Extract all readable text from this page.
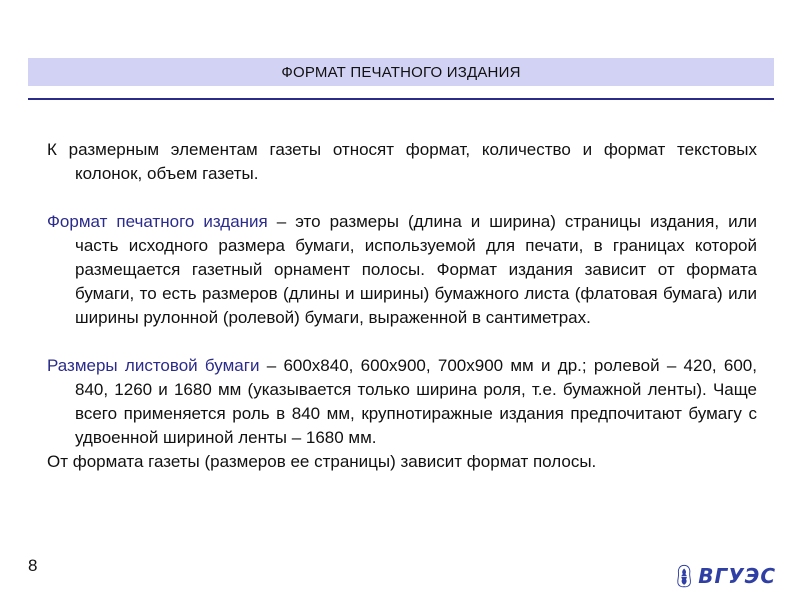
ФОРМАТ ПЕЧАТНОГО ИЗДАНИЯ

К размерным элементам газеты относят формат, количество и формат текстовых колонок, объем газеты.

Формат печатного издания – это размеры (длина и ширина) страницы издания, или часть исходного размера бумаги, используемой для печати, в границах которой размещается газетный орнамент полосы. Формат издания зависит от формата бумаги, то есть размеров (длины и ширины) бумажного листа (флатовая бумага) или ширины рулонной (ролевой) бумаги, выраженной в сантиметрах.

Размеры листовой бумаги – 600х840, 600х900, 700х900 мм и др.; ролевой – 420, 600, 840, 1260 и 1680 мм (указывается только ширина роля, т.е. бумажной ленты). Чаще всего применяется роль в 840 мм, крупнотиражные издания предпочитают бумагу с удвоенной шириной ленты – 1680 мм.

От формата газеты (размеров ее страницы) зависит формат полосы.

8	ВГУЭС
